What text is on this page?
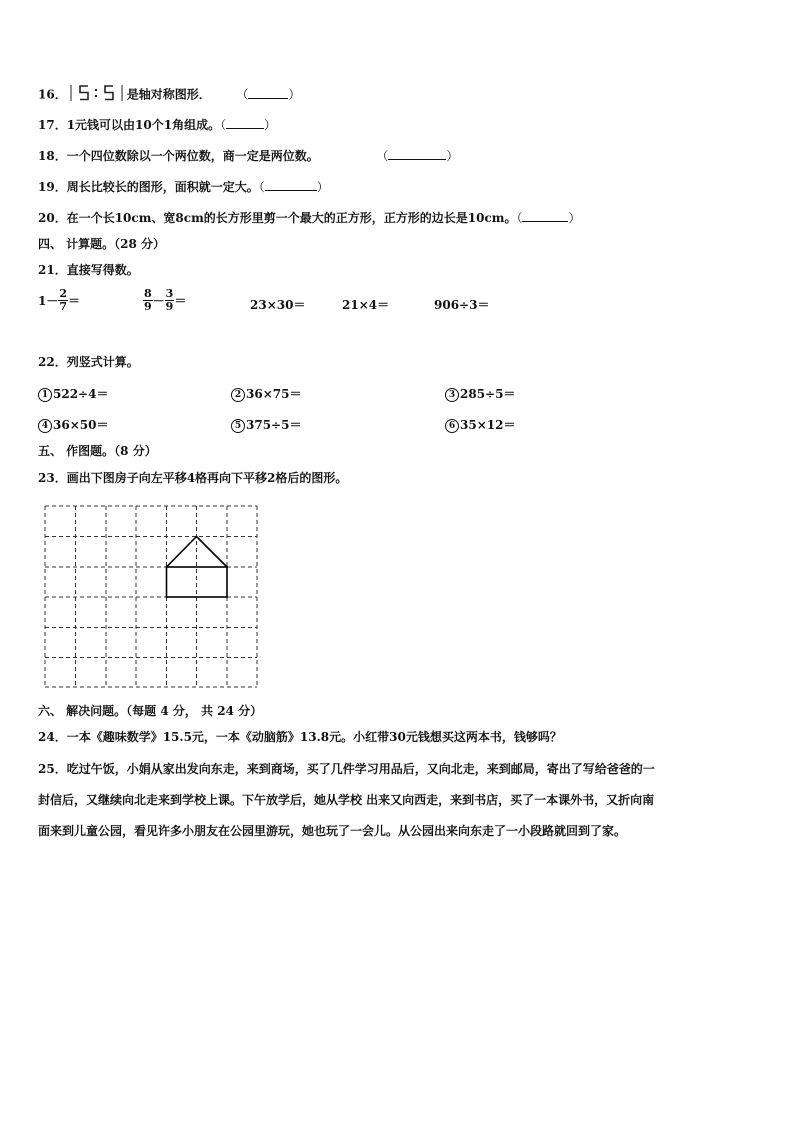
16．	是轴对称图形． （	）
17．1元钱可以由10个1角组成。（	）
18．一个四位数除以一个两位数，商一定是两位数。	（	）
19．周长比较长的图形，面积就一定大。（	）
20．在一个长10cm、宽8cm的长方形里剪一个最大的正方形，正方形的边长是10cm。（	）
四、 计算题。（28 分）
21．直接写得数。
$1- \frac{2}{7}$ ＝	$\frac{8}{9} - \frac{3}{9}$ ＝	23×30＝	21×4＝	906÷3＝
22．列竖式计算。
1 522÷4＝	2 36×75＝	3 285÷5＝
4 36×50＝	5 375÷5＝	6 35×12＝
五、 作图题。（8 分）
23．画出下图房子向左平移4格再向下平移2格后的图形。
六、 解决问题。（每题 4 分， 共 24 分）
24．一本《趣味数学》15.5元，一本《动脑筋》13.8元。小红带30元钱想买这两本书，钱够吗？
25．吃过午饭，小娟从家出发向东走，来到商场，买了几件学习用品后，又向北走，来到邮局，寄出了写给爸爸的一
封信后，又继续向北走来到学校上课。下午放学后，她从学校 出来又向西走，来到书店，买了一本课外书，又折向南
面来到儿童公园，看见许多小朋友在公园里游玩，她也玩了一会儿。从公园出来向东走了一小段路就回到了家。
